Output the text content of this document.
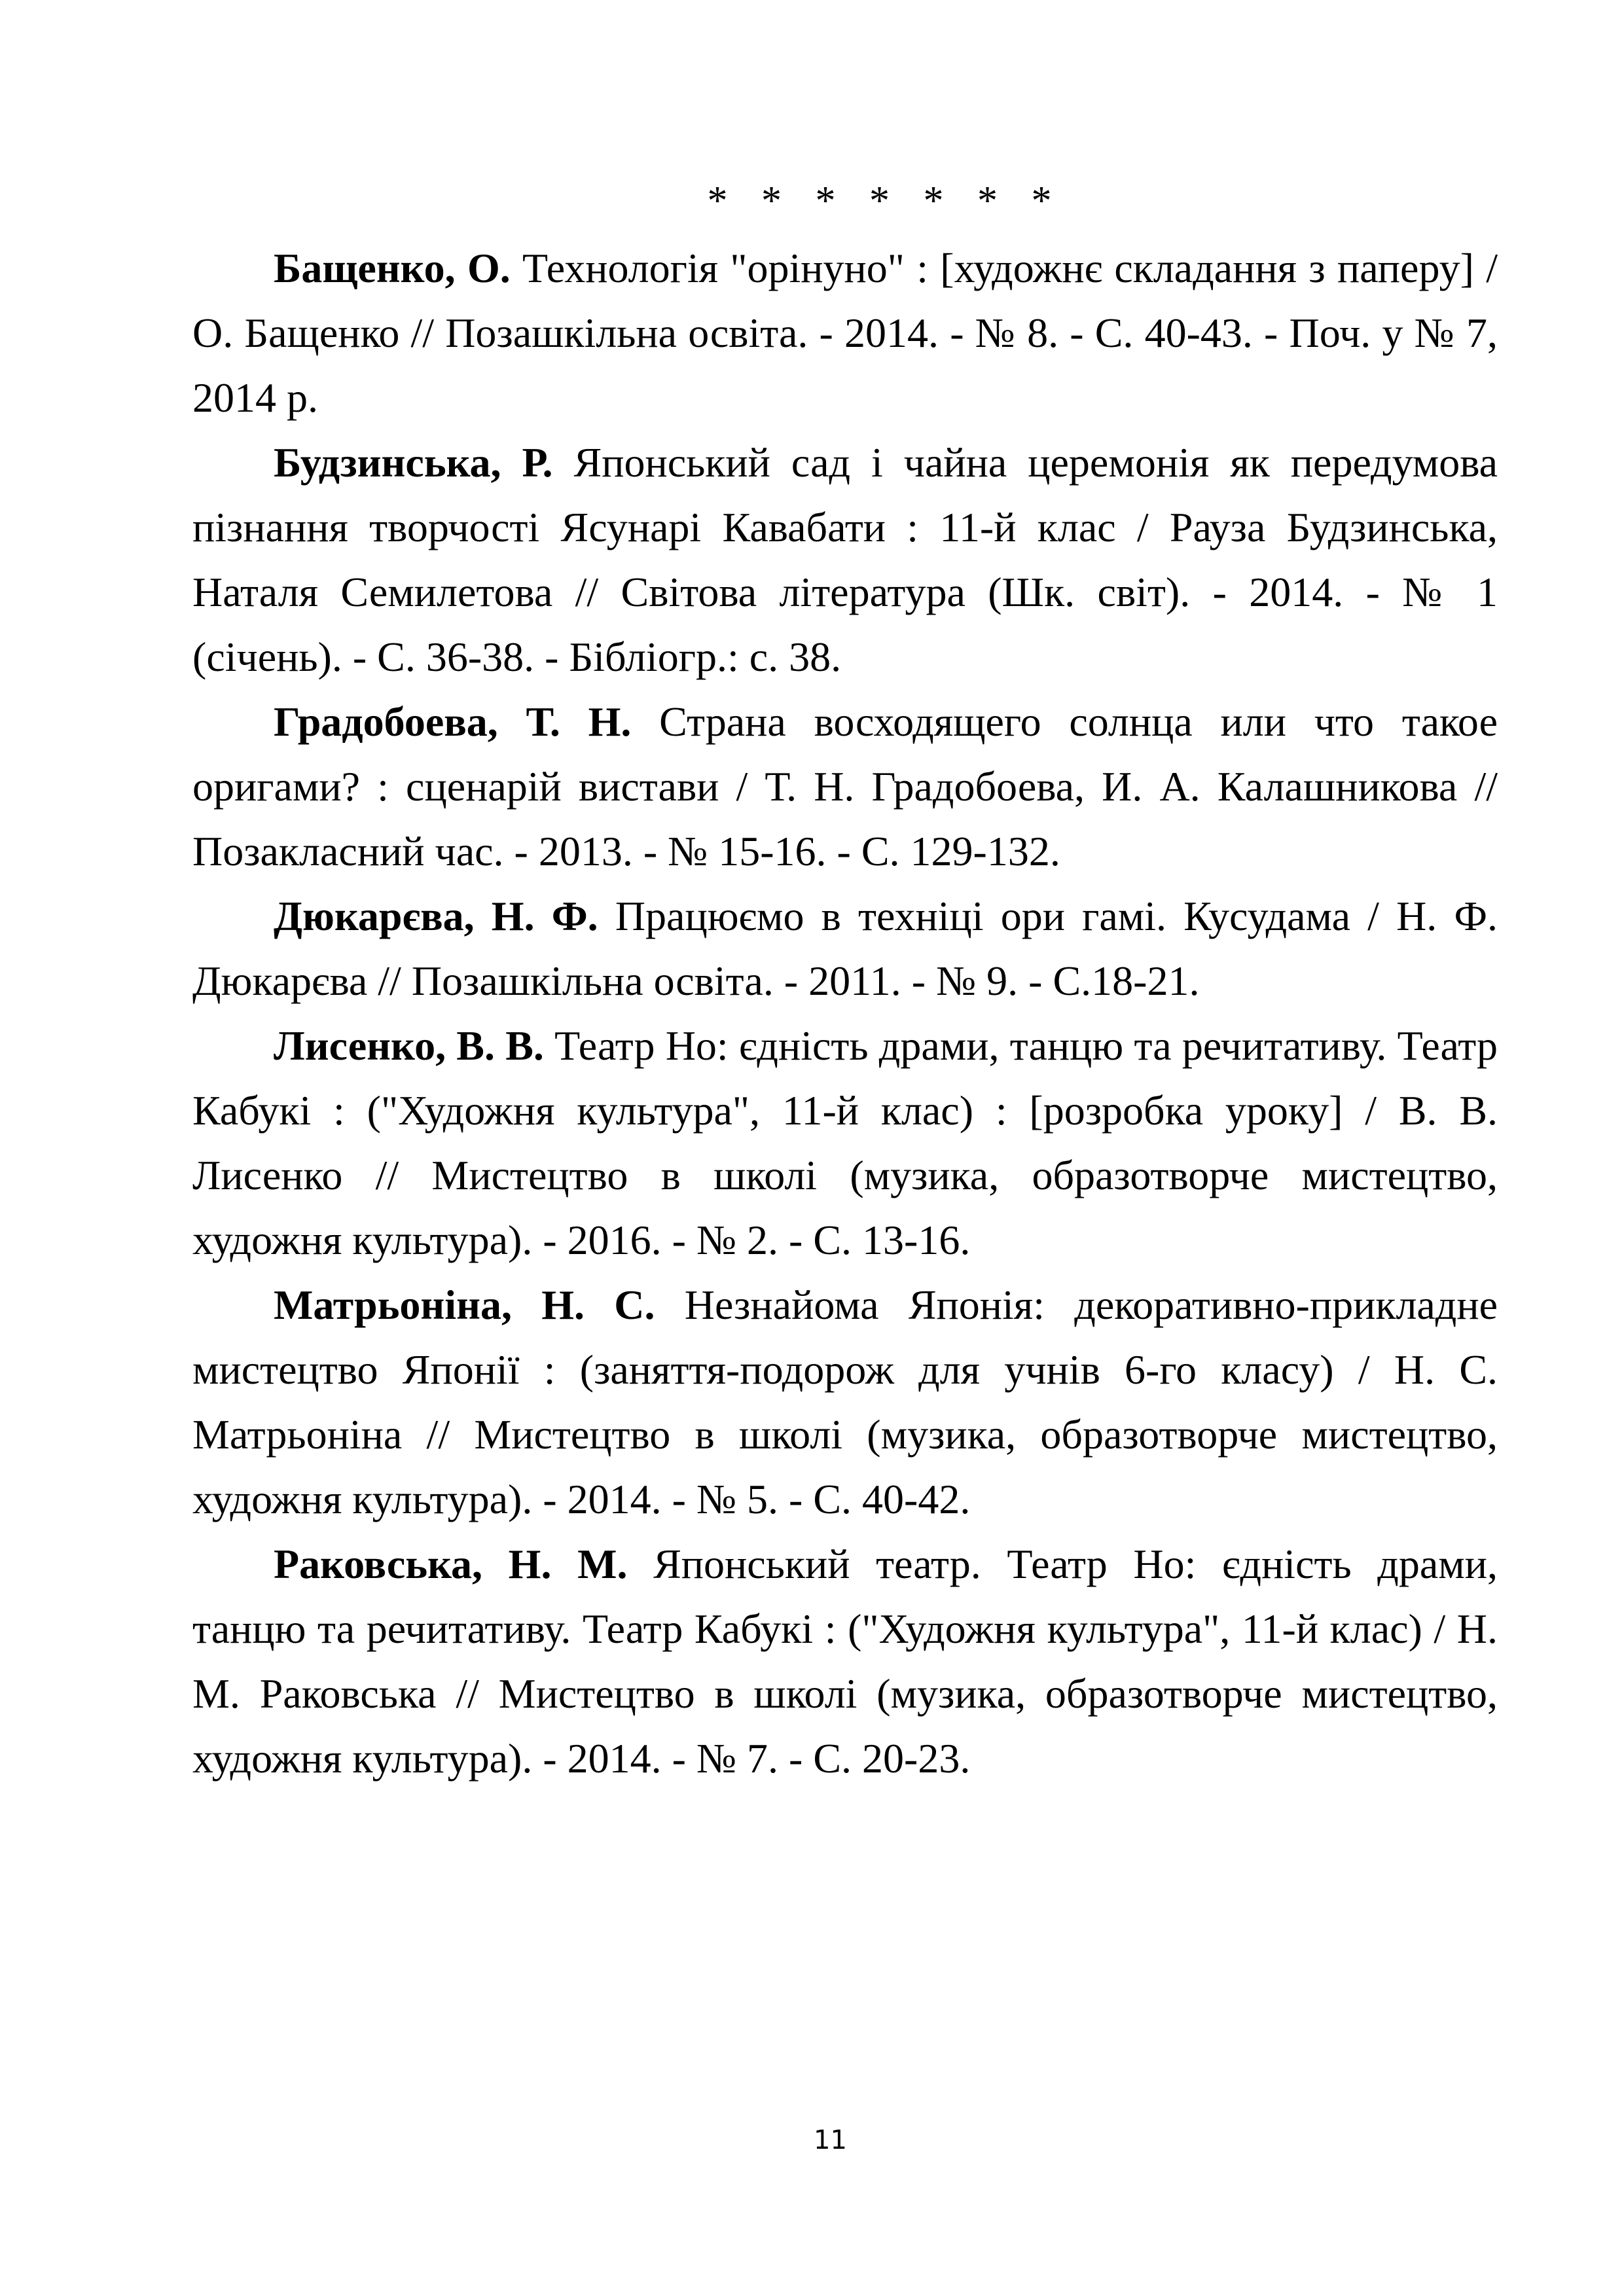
* * * * * * *

Бащенко, О. Технологія "орінуно" : [художнє складання з паперу] / О. Бащенко // Позашкільна освіта. - 2014. - № 8. - С. 40-43. - Поч. у № 7, 2014 р.

Будзинська, Р. Японський сад і чайна церемонія як передумова пізнання творчості Ясунарі Кавабати : 11-й клас / Рауза Будзинська, Наталя Семилетова // Світова література (Шк. світ). - 2014. - № 1 (січень). - С. 36-38. - Бібліогр.: с. 38.

Градобоева, Т. Н. Страна восходящего солнца или что такое оригами? : сценарій вистави / Т. Н. Градобоева, И. А. Калашникова // Позакласний час. - 2013. - № 15-16. - С. 129-132.

Дюкарєва, Н. Ф. Працюємо в техніці ори гамі. Кусудама / Н. Ф. Дюкарєва // Позашкільна освіта. - 2011. - № 9. - С.18-21.

Лисенко, В. В. Театр Но: єдність драми, танцю та речитативу. Театр Кабукі : ("Художня культура", 11-й клас) : [розробка уроку] / В. В. Лисенко // Мистецтво в школі (музика, образотворче мистецтво, художня культура). - 2016. - № 2. - С. 13-16.

Матрьоніна, Н. С. Незнайома Японія: декоративно-прикладне мистецтво Японії : (заняття-подорож для учнів 6-го класу) / Н. С. Матрьоніна // Мистецтво в школі (музика, образотворче мистецтво, художня культура). - 2014. - № 5. - С. 40-42.

Раковська, Н. М. Японський театр. Театр Но: єдність драми, танцю та речитативу. Театр Кабукі : ("Художня культура", 11-й клас) / Н. М. Раковська // Мистецтво в школі (музика, образотворче мистецтво, художня культура). - 2014. - № 7. - С. 20-23.

11
